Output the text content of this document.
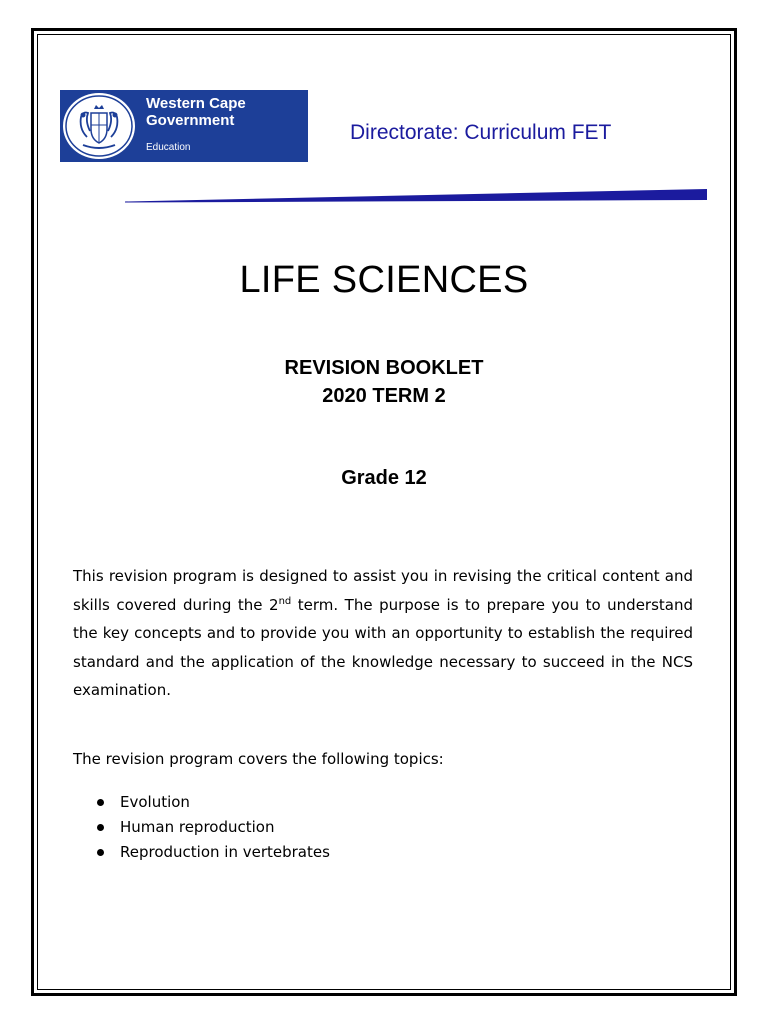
Western Cape
Government
Education
Directorate: Curriculum FET
LIFE SCIENCES
REVISION BOOKLET
2020 TERM 2
Grade 12

This revision program is designed to assist you in revising the critical content and skills covered during the 2nd term. The purpose is to prepare you to understand the key concepts and to provide you with an opportunity to establish the required standard and the application of the knowledge necessary to succeed in the NCS examination.

The revision program covers the following topics:
Evolution
Human reproduction
Reproduction in vertebrates
